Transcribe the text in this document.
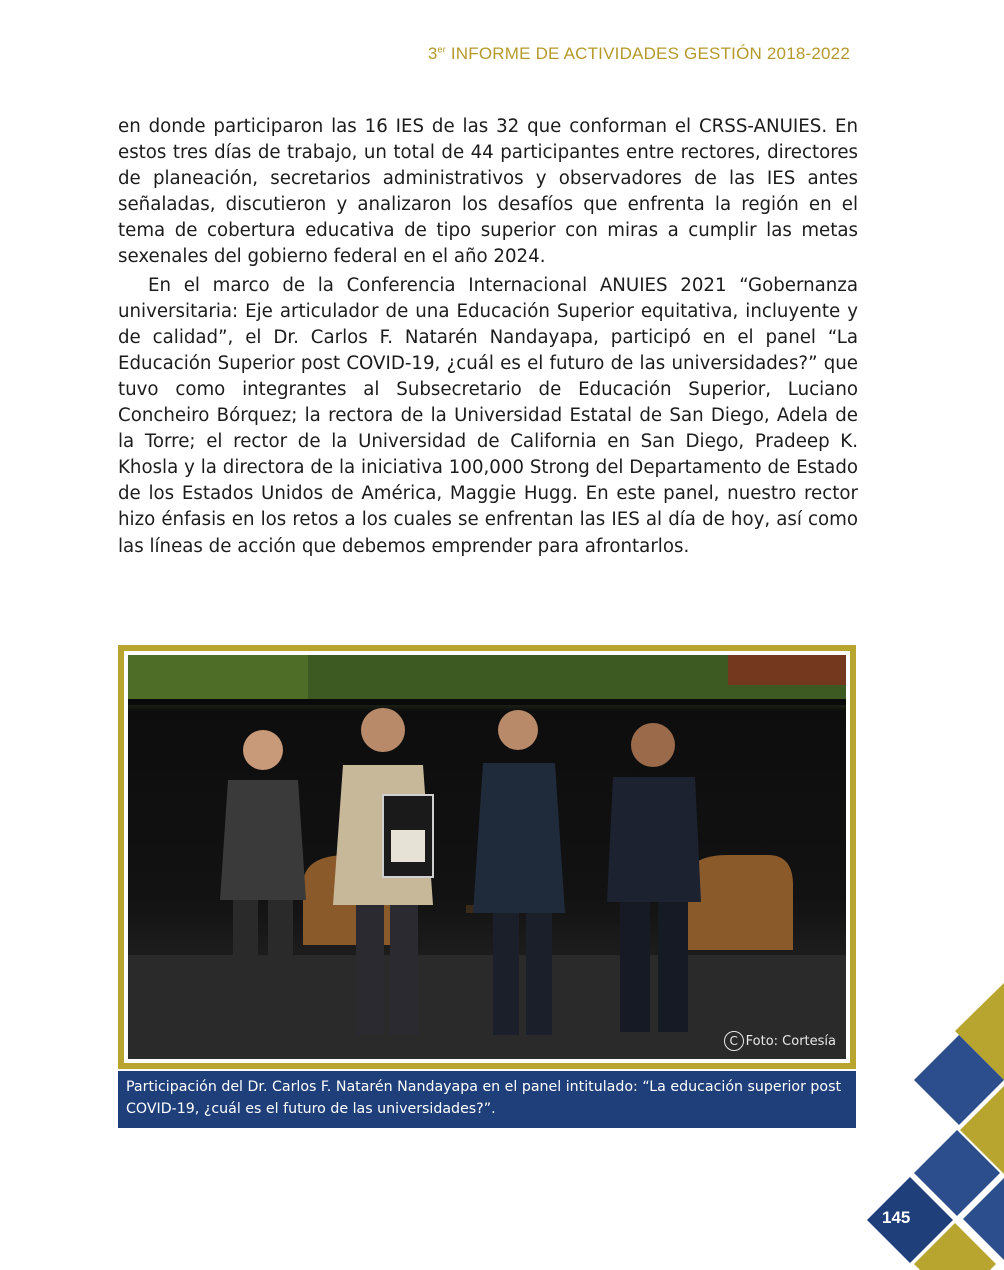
3er INFORME DE ACTIVIDADES GESTIÓN 2018-2022

en donde participaron las 16 IES de las 32 que conforman el CRSS-ANUIES. En estos tres días de trabajo, un total de 44 participantes entre rectores, directores de planeación, secretarios administrativos y observadores de las IES antes señaladas, discutieron y analizaron los desafíos que enfrenta la región en el tema de cobertura educativa de tipo superior con miras a cumplir las metas sexenales del gobierno federal en el año 2024.

En el marco de la Conferencia Internacional ANUIES 2021 “Gobernanza universitaria: Eje articulador de una Educación Superior equitativa, incluyente y de calidad”, el Dr. Carlos F. Natarén Nandayapa, participó en el panel “La Educación Superior post COVID-19, ¿cuál es el futuro de las universidades?” que tuvo como integrantes al Subsecretario de Educación Superior, Luciano Concheiro Bórquez; la rectora de la Universidad Estatal de San Diego, Adela de la Torre; el rector de la Universidad de California en San Diego, Pradeep K. Khosla y la directora de la iniciativa 100,000 Strong del Departamento de Estado de los Estados Unidos de América, Maggie Hugg. En este panel, nuestro rector hizo énfasis en los retos a los cuales se enfrentan las IES al día de hoy, así como las líneas de acción que debemos emprender para afrontarlos.

C Foto: Cortesía
Participación del Dr. Carlos F. Natarén Nandayapa en el panel intitulado: “La educación superior post COVID-19, ¿cuál es el futuro de las universidades?”.
145
